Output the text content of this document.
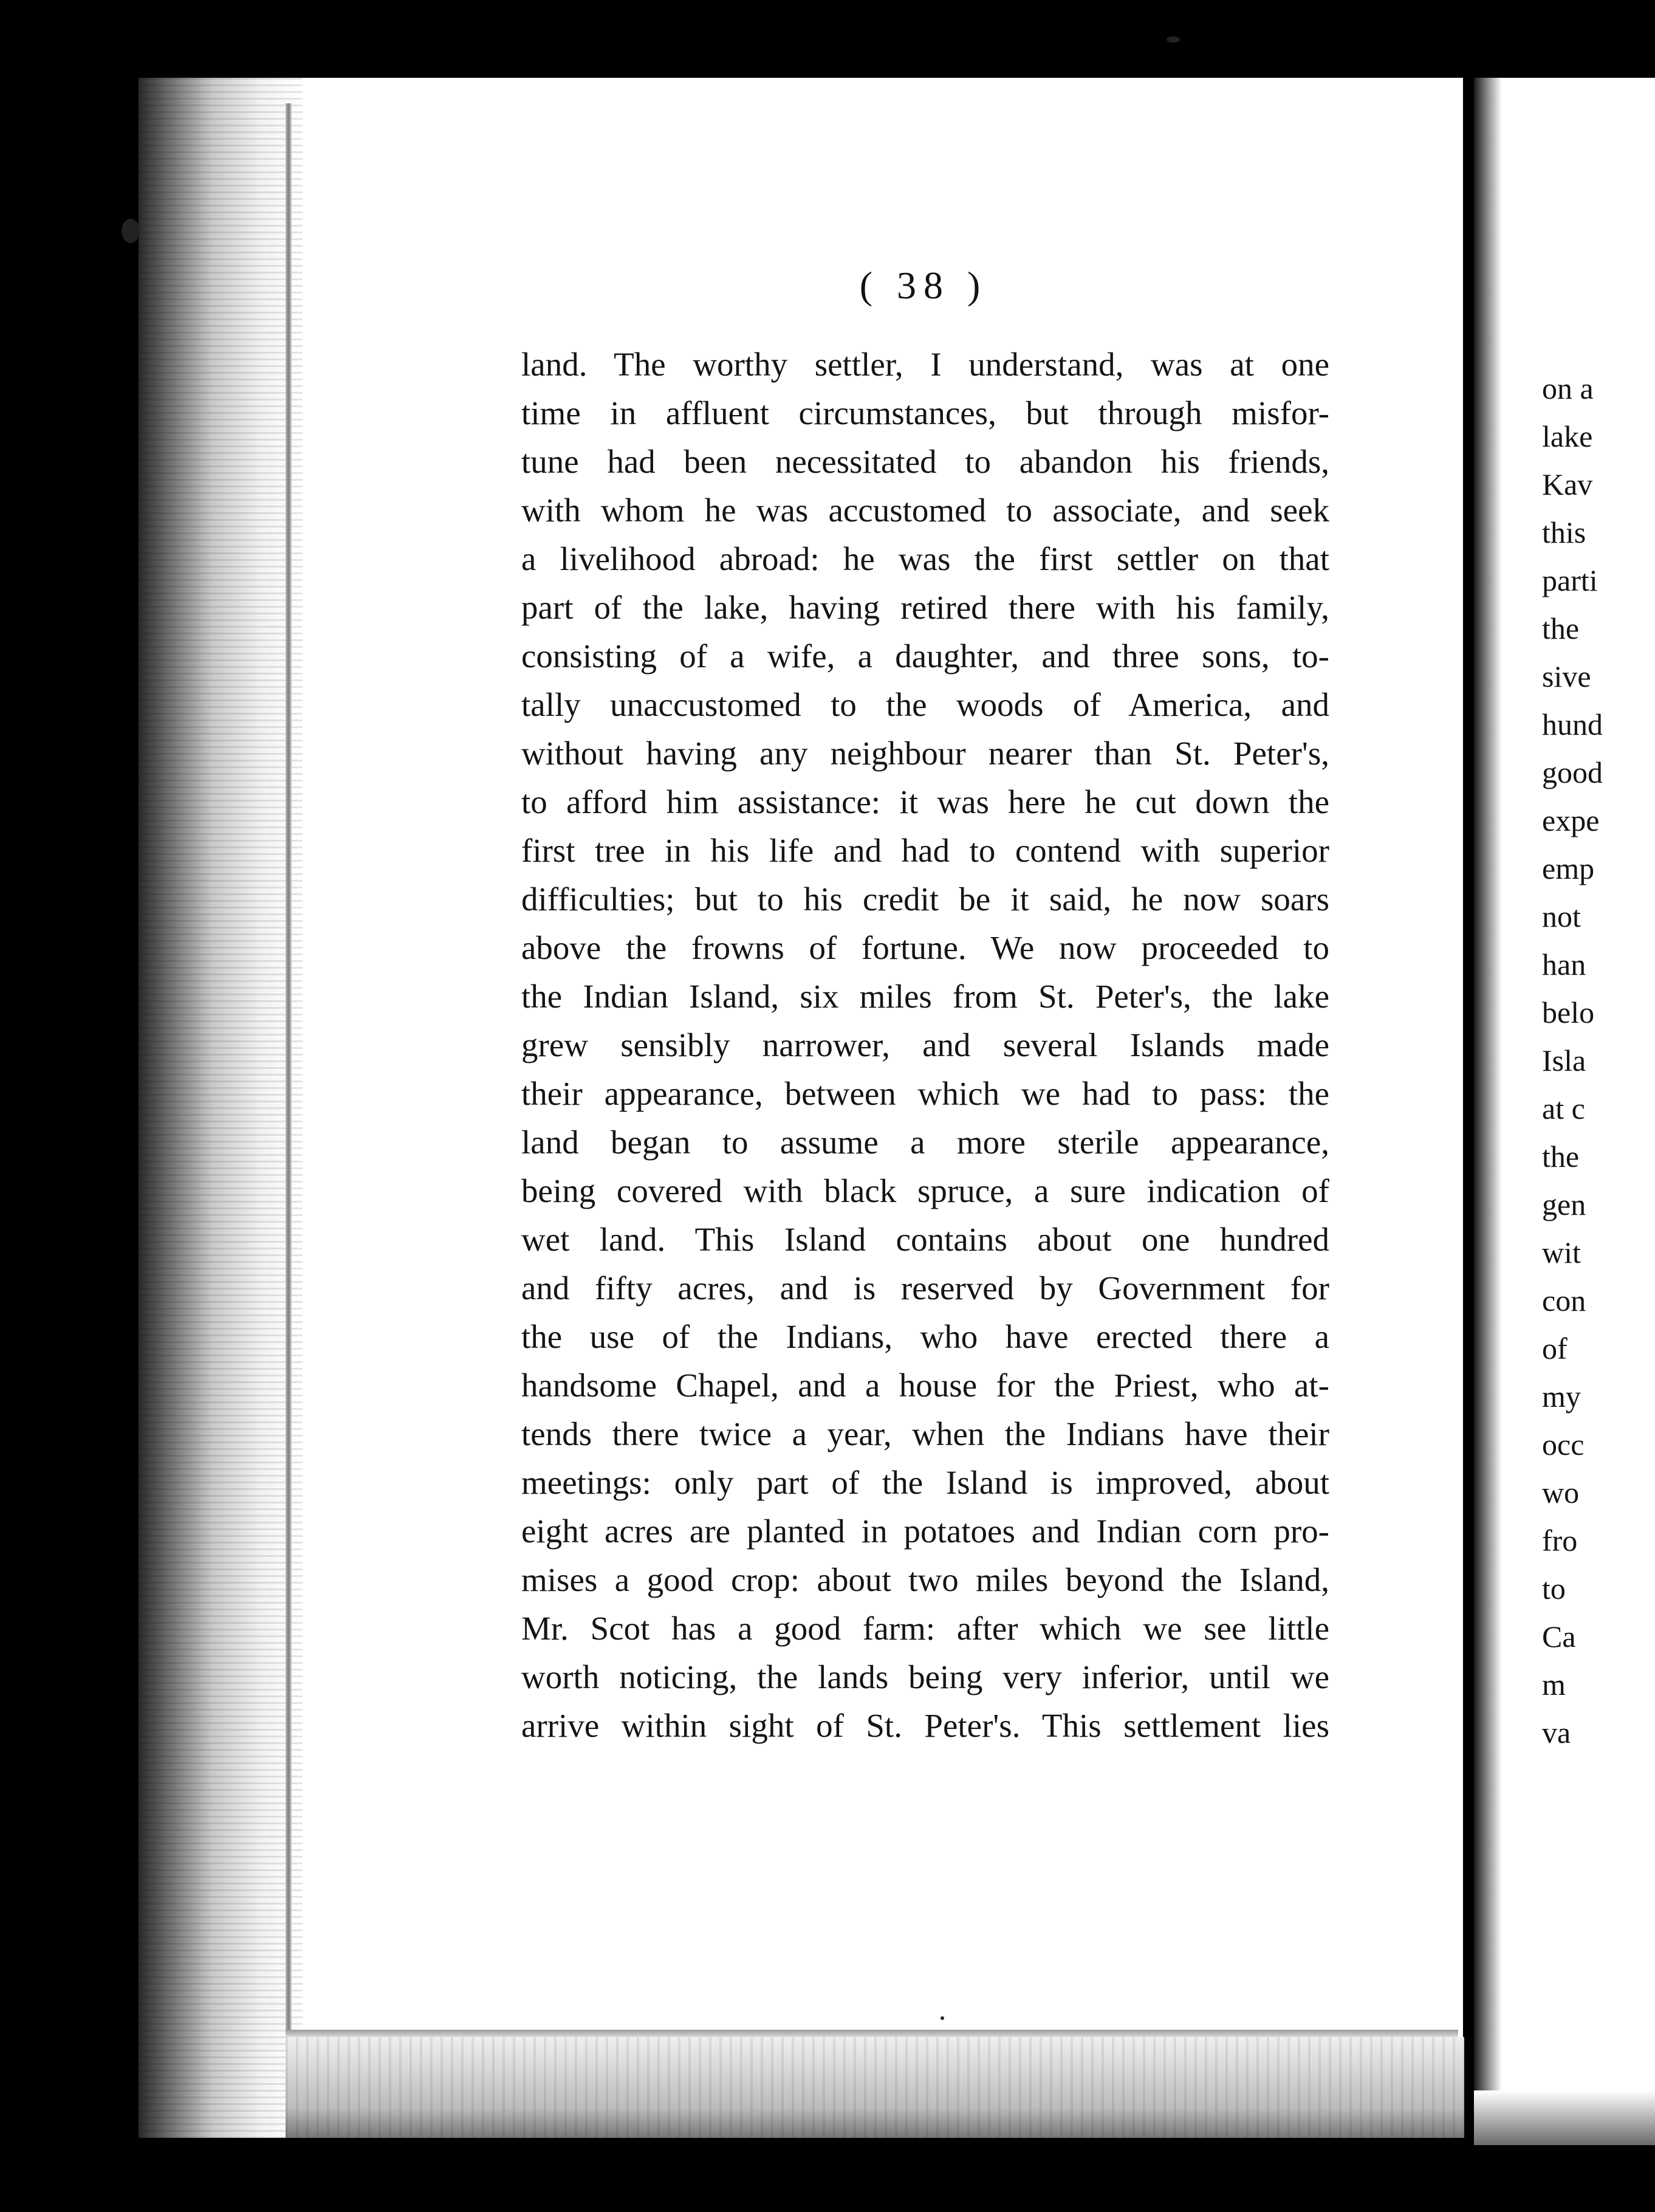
( 38 )
land. The worthy settler, I understand, was at one
time in affluent circumstances, but through misfor-
tune had been necessitated to abandon his friends,
with whom he was accustomed to associate, and seek
a livelihood abroad: he was the first settler on that
part of the lake, having retired there with his family,
consisting of a wife, a daughter, and three sons, to-
tally unaccustomed to the woods of America, and
without having any neighbour nearer than St. Peter's,
to afford him assistance: it was here he cut down the
first tree in his life and had to contend with superior
difficulties; but to his credit be it said, he now soars
above the frowns of fortune. We now proceeded to
the Indian Island, six miles from St. Peter's, the lake
grew sensibly narrower, and several Islands made
their appearance, between which we had to pass: the
land began to assume a more sterile appearance,
being covered with black spruce, a sure indication of
wet land. This Island contains about one hundred
and fifty acres, and is reserved by Government for
the use of the Indians, who have erected there a
handsome Chapel, and a house for the Priest, who at-
tends there twice a year, when the Indians have their
meetings: only part of the Island is improved, about
eight acres are planted in potatoes and Indian corn pro-
mises a good crop: about two miles beyond the Island,
Mr. Scot has a good farm: after which we see little
worth noticing, the lands being very inferior, until we
arrive within sight of St. Peter's. This settlement lies
on a
lake
Kav
this
parti
the
sive
hund
good
expe
emp
not
han
belo
Isla
at c
the
gen
wit
con
of
my
occ
wo
fro
to
Ca
m
va
